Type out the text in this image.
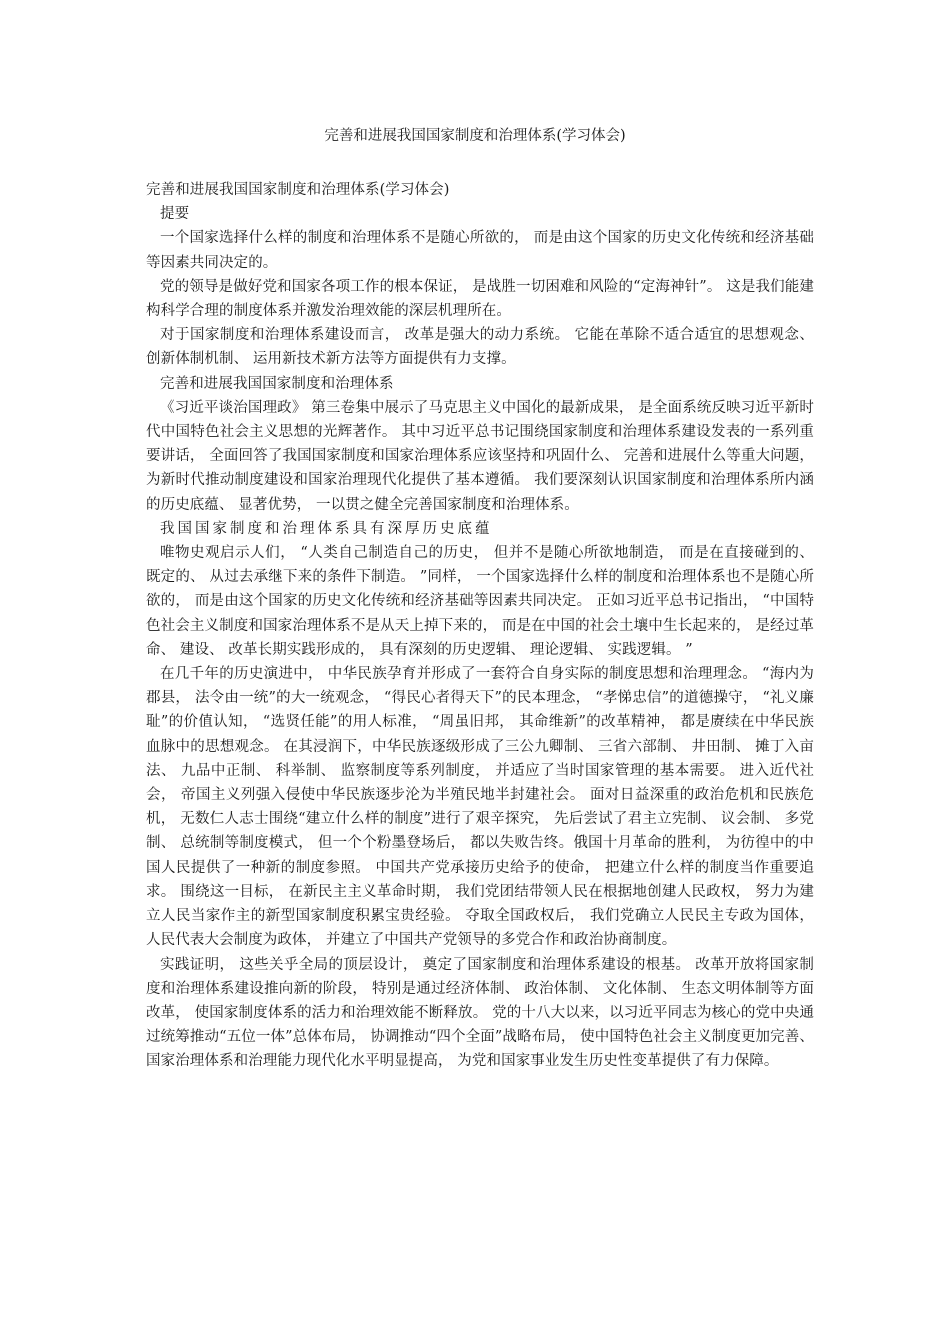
完善和进展我国国家制度和治理体系(学习体会)

完善和进展我国国家制度和治理体系(学习体会)

提要

一个国家选择什么样的制度和治理体系不是随心所欲的， 而是由这个国家的历史文化传统和经济基础等因素共同决定的。

党的领导是做好党和国家各项工作的根本保证， 是战胜一切困难和风险的“定海神针”。 这是我们能建构科学合理的制度体系并激发治理效能的深层机理所在。

对于国家制度和治理体系建设而言， 改革是强大的动力系统。 它能在革除不适合适宜的思想观念、 创新体制机制、 运用新技术新方法等方面提供有力支撑。

完善和进展我国国家制度和治理体系

《习近平谈治国理政》 第三卷集中展示了马克思主义中国化的最新成果， 是全面系统反映习近平新时代中国特色社会主义思想的光辉著作。 其中习近平总书记围绕国家制度和治理体系建设发表的一系列重要讲话， 全面回答了我国国家制度和国家治理体系应该坚持和巩固什么、 完善和进展什么等重大问题， 为新时代推动制度建设和国家治理现代化提供了基本遵循。 我们要深刻认识国家制度和治理体系所内涵的历史底蕴、 显著优势， 一以贯之健全完善国家制度和治理体系。

我国国家制度和治理体系具有深厚历史底蕴

唯物史观启示人们， “人类自己制造自己的历史， 但并不是随心所欲地制造， 而是在直接碰到的、 既定的、 从过去承继下来的条件下制造。 ”同样， 一个国家选择什么样的制度和治理体系也不是随心所欲的， 而是由这个国家的历史文化传统和经济基础等因素共同决定。 正如习近平总书记指出， “中国特色社会主义制度和国家治理体系不是从天上掉下来的， 而是在中国的社会土壤中生长起来的， 是经过革命、 建设、 改革长期实践形成的， 具有深刻的历史逻辑、 理论逻辑、 实践逻辑。 ”

在几千年的历史演进中， 中华民族孕育并形成了一套符合自身实际的制度思想和治理理念。 “海内为郡县， 法令由一统”的大一统观念， “得民心者得天下”的民本理念， “孝悌忠信”的道德操守， “礼义廉耻”的价值认知， “选贤任能”的用人标准， “周虽旧邦， 其命维新”的改革精神， 都是赓续在中华民族血脉中的思想观念。 在其浸润下，中华民族逐级形成了三公九卿制、 三省六部制、 井田制、 摊丁入亩法、 九品中正制、 科举制、 监察制度等系列制度， 并适应了当时国家管理的基本需要。 进入近代社会， 帝国主义列强入侵使中华民族逐步沦为半殖民地半封建社会。 面对日益深重的政治危机和民族危机， 无数仁人志士围绕“建立什么样的制度”进行了艰辛探究， 先后尝试了君主立宪制、 议会制、 多党制、 总统制等制度模式， 但一个个粉墨登场后， 都以失败告终。俄国十月革命的胜利， 为彷徨中的中国人民提供了一种新的制度参照。 中国共产党承接历史给予的使命， 把建立什么样的制度当作重要追求。 围绕这一目标， 在新民主主义革命时期， 我们党团结带领人民在根据地创建人民政权， 努力为建立人民当家作主的新型国家制度积累宝贵经验。 夺取全国政权后， 我们党确立人民民主专政为国体， 人民代表大会制度为政体， 并建立了中国共产党领导的多党合作和政治协商制度。

实践证明， 这些关乎全局的顶层设计， 奠定了国家制度和治理体系建设的根基。 改革开放将国家制度和治理体系建设推向新的阶段， 特别是通过经济体制、 政治体制、 文化体制、 生态文明体制等方面改革， 使国家制度体系的活力和治理效能不断释放。 党的十八大以来，以习近平同志为核心的党中央通过统筹推动“五位一体”总体布局， 协调推动“四个全面”战略布局， 使中国特色社会主义制度更加完善、 国家治理体系和治理能力现代化水平明显提高， 为党和国家事业发生历史性变革提供了有力保障。
